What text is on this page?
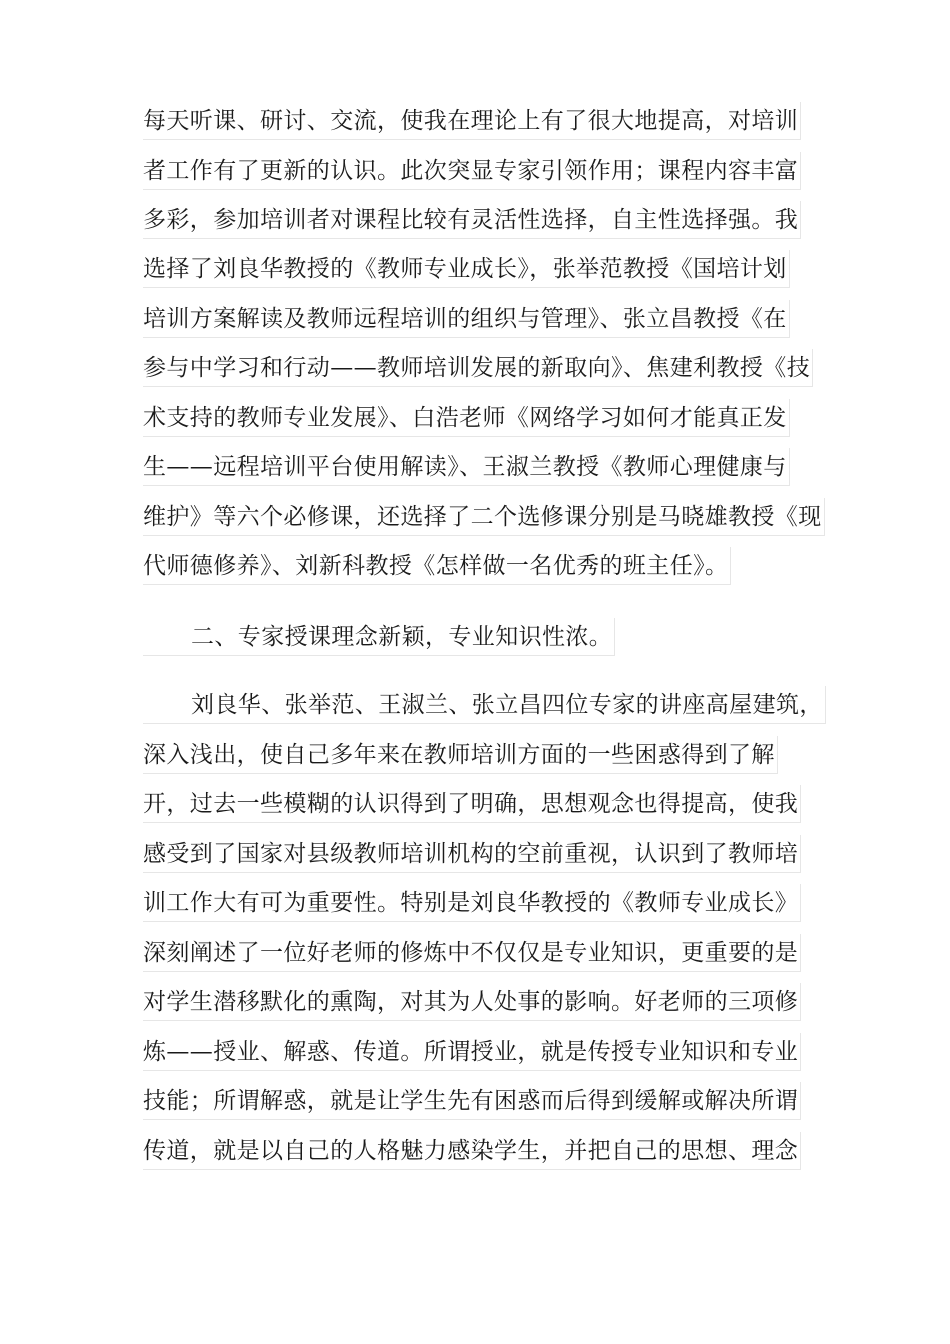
每天听课、研讨、交流，使我在理论上有了很大地提高，对培训
者工作有了更新的认识。此次突显专家引领作用；课程内容丰富
多彩，参加培训者对课程比较有灵活性选择，自主性选择强。我
选择了刘良华教授的《教师专业成长》，张举范教授《国培计划
培训方案解读及教师远程培训的组织与管理》、张立昌教授《在
参与中学习和行动——教师培训发展的新取向》、焦建利教授《技
术支持的教师专业发展》、白浩老师《网络学习如何才能真正发
生——远程培训平台使用解读》、王淑兰教授《教师心理健康与
维护》等六个必修课，还选择了二个选修课分别是马晓雄教授《现
代师德修养》、刘新科教授《怎样做一名优秀的班主任》。
二、专家授课理念新颖，专业知识性浓。
刘良华、张举范、王淑兰、张立昌四位专家的讲座高屋建筑，
深入浅出，使自己多年来在教师培训方面的一些困惑得到了解
开，过去一些模糊的认识得到了明确，思想观念也得提高，使我
感受到了国家对县级教师培训机构的空前重视，认识到了教师培
训工作大有可为重要性。特别是刘良华教授的《教师专业成长》
深刻阐述了一位好老师的修炼中不仅仅是专业知识，更重要的是
对学生潜移默化的熏陶，对其为人处事的影响。好老师的三项修
炼——授业、解惑、传道。所谓授业，就是传授专业知识和专业
技能；所谓解惑，就是让学生先有困惑而后得到缓解或解决所谓
传道，就是以自己的人格魅力感染学生，并把自己的思想、理念
